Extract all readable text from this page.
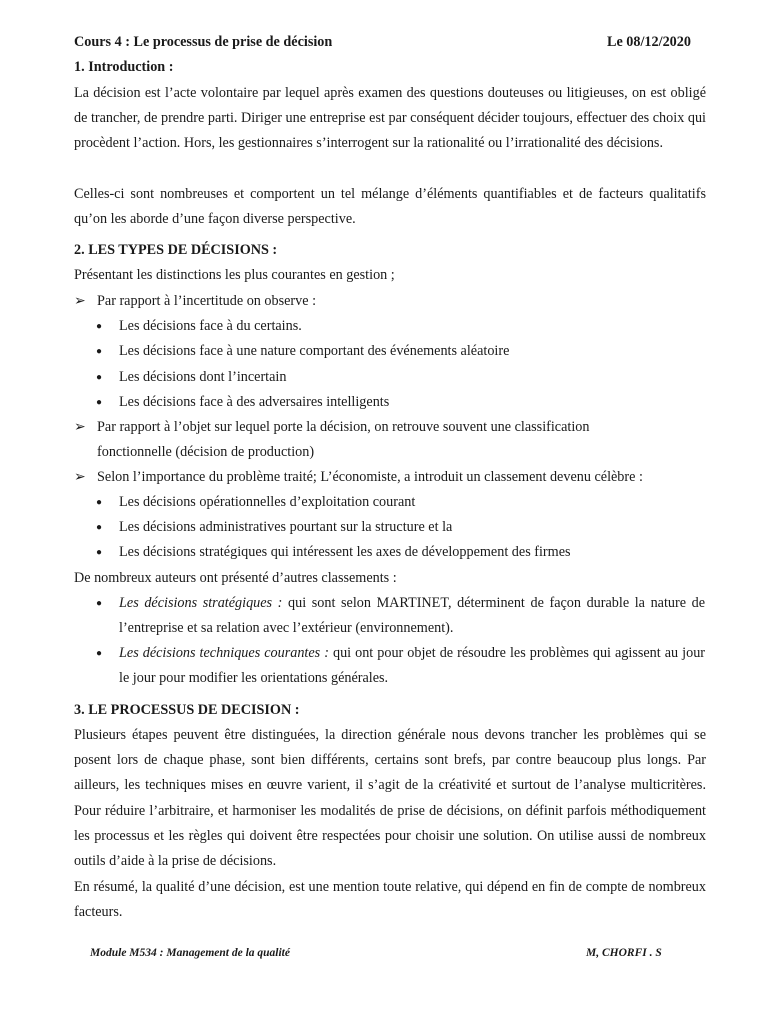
Cours 4 : Le processus de prise de décision	Le 08/12/2020
1. Introduction :
La décision est l’acte volontaire par lequel après examen des questions douteuses ou litigieuses, on est obligé de trancher, de prendre parti. Diriger une entreprise est par conséquent décider toujours, effectuer des choix qui procèdent l’action. Hors, les gestionnaires s’interrogent sur la rationalité ou l’irrationalité des décisions.
Celles-ci sont nombreuses et comportent un tel mélange d’éléments quantifiables et de facteurs qualitatifs qu’on les aborde d’une façon diverse perspective.
2. LES TYPES DE DÉCISIONS :
Présentant les distinctions les plus courantes en gestion ;
➢ Par rapport à l’incertitude on observe :
● Les décisions face à du certains.
● Les décisions face à une nature comportant des événements aléatoire
● Les décisions dont l’incertain
● Les décisions face à des adversaires intelligents
➢ Par rapport à l’objet sur lequel porte la décision, on retrouve souvent une classification fonctionnelle (décision de production)
➢ Selon l’importance du problème traité; L’économiste, a introduit un classement devenu célèbre :
● Les décisions opérationnelles d’exploitation courant
● Les décisions administratives pourtant sur la structure et la
● Les décisions stratégiques qui intéressent les axes de développement des firmes
De nombreux auteurs ont présenté d’autres classements :
● Les décisions stratégiques : qui sont selon MARTINET, déterminent de façon durable la nature de l’entreprise et sa relation avec l’extérieur (environnement).
● Les décisions techniques courantes : qui ont pour objet de résoudre les problèmes qui agissent au jour le jour pour modifier les orientations générales.
3. LE PROCESSUS DE DECISION :
Plusieurs étapes peuvent être distinguées, la direction générale nous devons trancher les problèmes qui se posent lors de chaque phase, sont bien différents, certains sont brefs, par contre beaucoup plus longs. Par ailleurs, les techniques mises en œuvre varient, il s’agit de la créativité et surtout de l’analyse multicritères. Pour réduire l’arbitraire, et harmoniser les modalités de prise de décisions, on définit parfois méthodiquement les processus et les règles qui doivent être respectées pour choisir une solution. On utilise aussi de nombreux outils d’aide à la prise de décisions.
En résumé, la qualité d’une décision, est une mention toute relative, qui dépend en fin de compte de nombreux facteurs.
Module M534 : Management de la qualité	M, CHORFI . S
